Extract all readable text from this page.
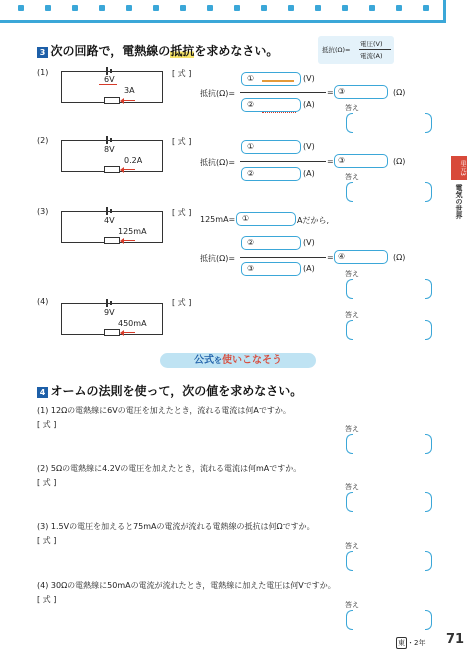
3 次の回路で，電熱線の抵抗を求めなさい。	抵抗(Ω)=
電圧(V)
電流(A)
(1)
6V
3A
[ 式 ]
抵抗(Ω)=
①	(V)
②	(A)
= ③	(Ω)
答え
(2)
8V
0.2A
[ 式 ]
抵抗(Ω)=
①	(V)
②	(A)
= ③	(Ω)
答え
(3)
4V
125mA
[ 式 ]
125mA= ①	Aだから,
抵抗(Ω)=
②	(V)
③	(A)
= ④	(Ω)
答え
(4)
9V
450mA
[ 式 ]
答え
単元3
電気の世界
公式を使いこなそう
4 オームの法則を使って，次の値を求めなさい。
(1) 12Ωの電熱線に6Vの電圧を加えたとき，流れる電流は何Aですか。
[ 式 ]	答え
(2) 5Ωの電熱線に4.2Vの電圧を加えたとき，流れる電流は何mAですか。
[ 式 ]	答え
(3) 1.5Vの電圧を加えると75mAの電流が流れる電熱線の抵抗は何Ωですか。
[ 式 ]
答え
(4) 30Ωの電熱線に50mAの電流が流れたとき，電熱線に加えた電圧は何Vですか。
[ 式 ]
答え
東 ・2年 71
